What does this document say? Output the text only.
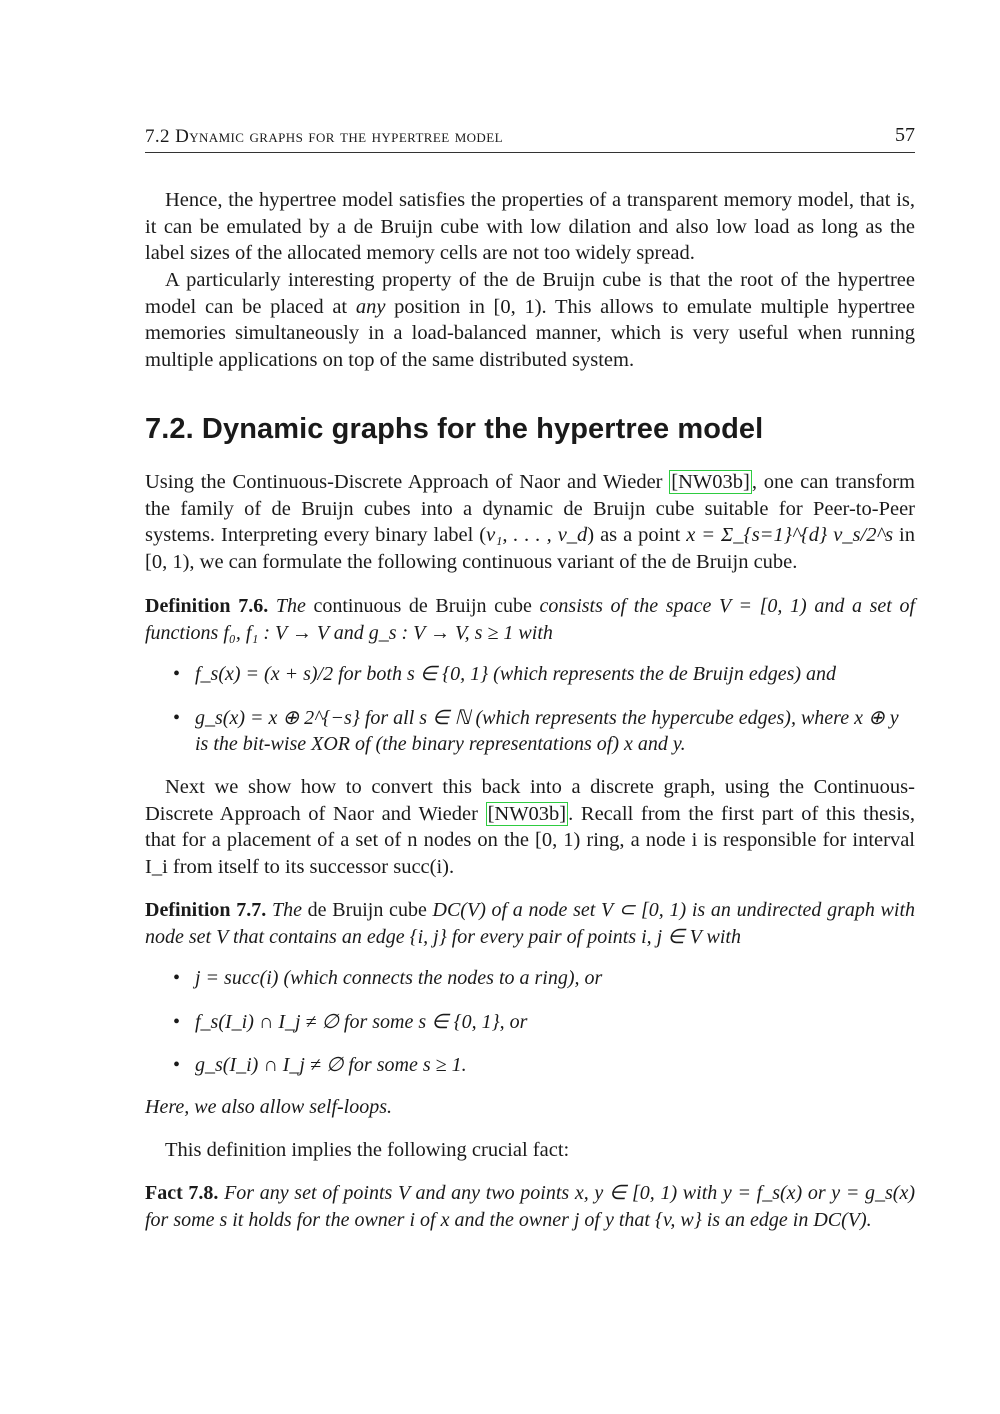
7.2 Dynamic graphs for the hypertree model	57
Hence, the hypertree model satisfies the properties of a transparent memory model, that is, it can be emulated by a de Bruijn cube with low dilation and also low load as long as the label sizes of the allocated memory cells are not too widely spread.
A particularly interesting property of the de Bruijn cube is that the root of the hypertree model can be placed at any position in [0, 1). This allows to emulate multiple hypertree memories simultaneously in a load-balanced manner, which is very useful when running multiple applications on top of the same distributed system.
7.2. Dynamic graphs for the hypertree model
Using the Continuous-Discrete Approach of Naor and Wieder [NW03b], one can transform the family of de Bruijn cubes into a dynamic de Bruijn cube suitable for Peer-to-Peer systems. Interpreting every binary label (v₁, . . . , v_d) as a point x = Σ_{s=1}^{d} v_s/2^s in [0, 1), we can formulate the following continuous variant of the de Bruijn cube.
Definition 7.6. The continuous de Bruijn cube consists of the space V = [0, 1) and a set of functions f₀, f₁ : V → V and g_s : V → V, s ≥ 1 with
• f_s(x) = (x + s)/2 for both s ∈ {0, 1} (which represents the de Bruijn edges) and
• g_s(x) = x ⊕ 2^{−s} for all s ∈ ℕ (which represents the hypercube edges), where x ⊕ y is the bit-wise XOR of (the binary representations of) x and y.
Next we show how to convert this back into a discrete graph, using the Continuous-Discrete Approach of Naor and Wieder [NW03b]. Recall from the first part of this thesis, that for a placement of a set of n nodes on the [0, 1) ring, a node i is responsible for interval I_i from itself to its successor succ(i).
Definition 7.7. The de Bruijn cube DC(V) of a node set V ⊂ [0, 1) is an undirected graph with node set V that contains an edge {i, j} for every pair of points i, j ∈ V with
• j = succ(i) (which connects the nodes to a ring), or
• f_s(I_i) ∩ I_j ≠ ∅ for some s ∈ {0, 1}, or
• g_s(I_i) ∩ I_j ≠ ∅ for some s ≥ 1.
Here, we also allow self-loops.
This definition implies the following crucial fact:
Fact 7.8. For any set of points V and any two points x, y ∈ [0, 1) with y = f_s(x) or y = g_s(x) for some s it holds for the owner i of x and the owner j of y that {v, w} is an edge in DC(V).
